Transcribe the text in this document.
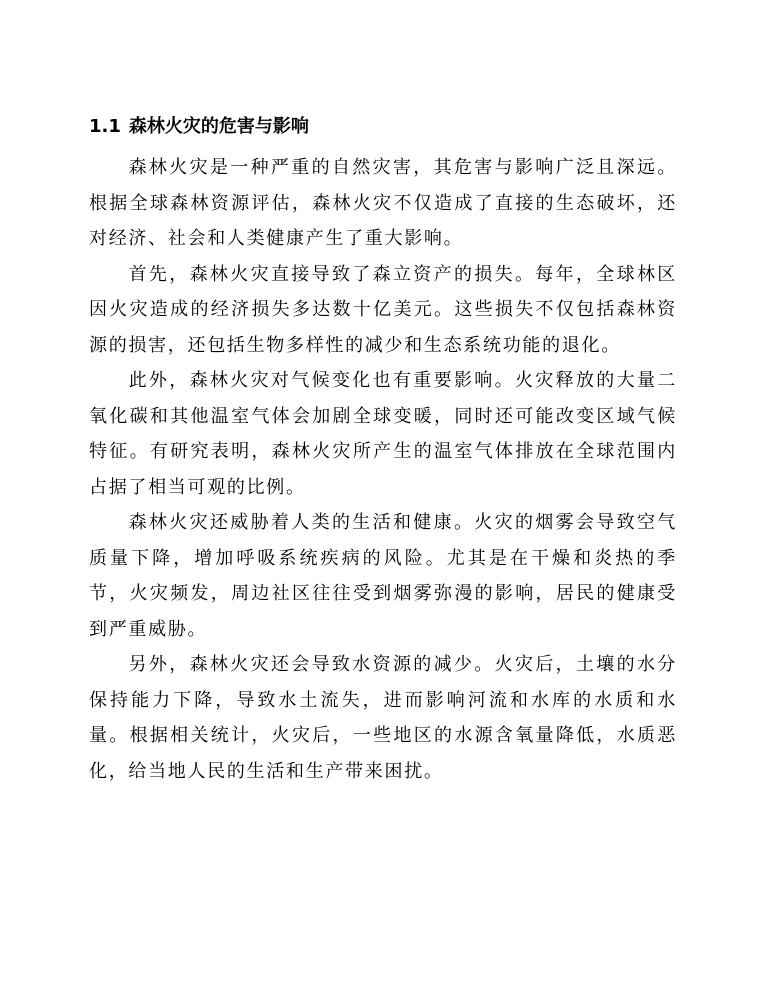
1.1 森林火灾的危害与影响

森林火灾是一种严重的自然灾害，其危害与影响广泛且深远。根据全球森林资源评估，森林火灾不仅造成了直接的生态破坏，还对经济、社会和人类健康产生了重大影响。

首先，森林火灾直接导致了森立资产的损失。每年，全球林区因火灾造成的经济损失多达数十亿美元。这些损失不仅包括森林资源的损害，还包括生物多样性的减少和生态系统功能的退化。

此外，森林火灾对气候变化也有重要影响。火灾释放的大量二氧化碳和其他温室气体会加剧全球变暖，同时还可能改变区域气候特征。有研究表明，森林火灾所产生的温室气体排放在全球范围内占据了相当可观的比例。

森林火灾还威胁着人类的生活和健康。火灾的烟雾会导致空气质量下降，增加呼吸系统疾病的风险。尤其是在干燥和炎热的季节，火灾频发，周边社区往往受到烟雾弥漫的影响，居民的健康受到严重威胁。

另外，森林火灾还会导致水资源的减少。火灾后，土壤的水分保持能力下降，导致水土流失，进而影响河流和水库的水质和水量。根据相关统计，火灾后，一些地区的水源含氧量降低，水质恶化，给当地人民的生活和生产带来困扰。
